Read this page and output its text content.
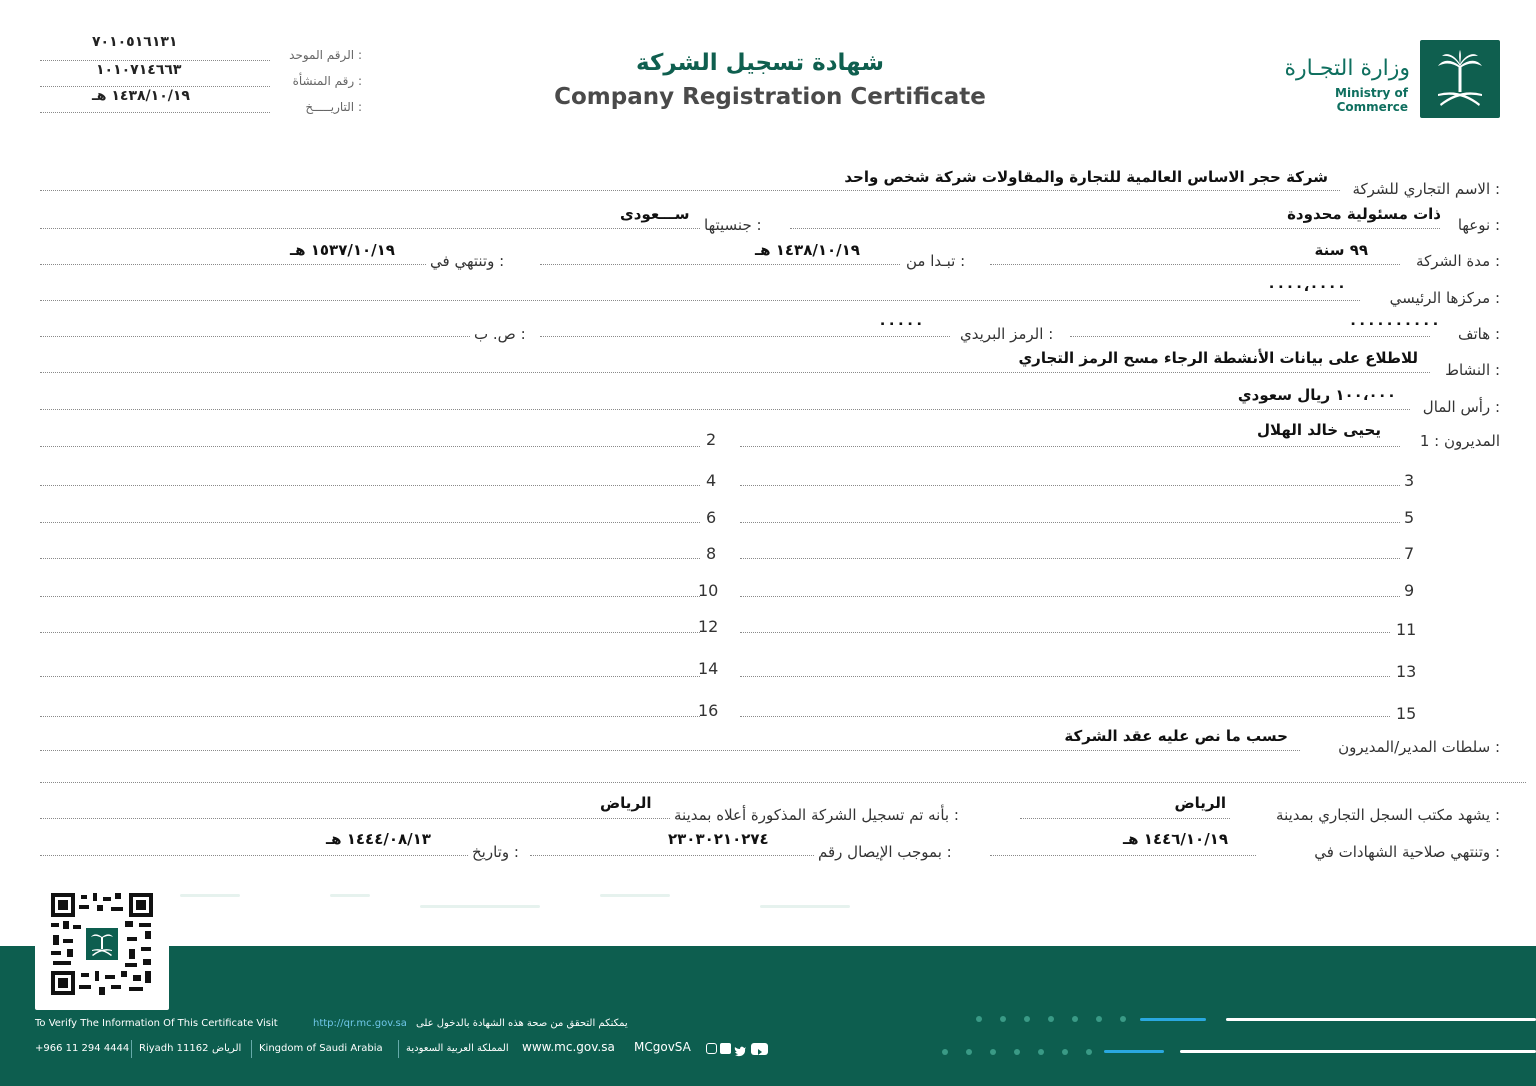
شهادة تسجيل الشركة
Company Registration Certificate
وزارة التجـارة
Ministry of Commerce
٧٠١٠٥١٦١٣١
الرقم الموحد :
١٠١٠٧١٤٦٦٣
رقم المنشأة :
١٤٣٨/١٠/١٩ هـ
التاريـــــخ :
الاسم التجاري للشركة :
شركة حجر الاساس العالمية للتجارة والمقاولات شركة شخص واحد
نوعها :
ذات مسئولية محدودة
جنسيتها :
ســـعودى
مدة الشركة :
٩٩ سنة
تبـدا من :
١٤٣٨/١٠/١٩ هـ
وتنتهي في :
١٥٣٧/١٠/١٩ هـ
مركزها الرئيسي :
٠٠٠٠،٠٠٠٠
هاتف :
٠٠٠٠٠٠٠٠٠٠
الرمز البريدي :
٠٠٠٠٠
ص. ب :
النشاط :
للاطلاع على بيانات الأنشطة الرجاء مسح الرمز التجاري
رأس المال :
١٠٠،٠٠٠ ريال سعودي
المديرون : 1
يحيى خالد الهلال
2
3
4
5
6
7
8
9
10
11
12
13
14
15
16
سلطات المدير/المديرون :
حسب ما نص عليه عقد الشركة
يشهد مكتب السجل التجاري بمدينة :
الرياض
بأنه تم تسجيل الشركة المذكورة أعلاه بمدينة :
الرياض
وتنتهي صلاحية الشهادات في :
١٤٤٦/١٠/١٩ هـ
بموجب الإيصال رقم :
٢٣٠٣٠٢١٠٢٧٤
وتاريخ :
١٤٤٤/٠٨/١٣ هـ
To Verify The Information Of This Certificate Visit	http://qr.mc.gov.sa يمكنكم التحقق من صحة هذه الشهادة بالدخول على
+966 11 294 4444 Riyadh 11162 الرياض Kingdom of Saudi Arabia المملكة العربية السعودية www.mc.gov.sa MCgovSA
